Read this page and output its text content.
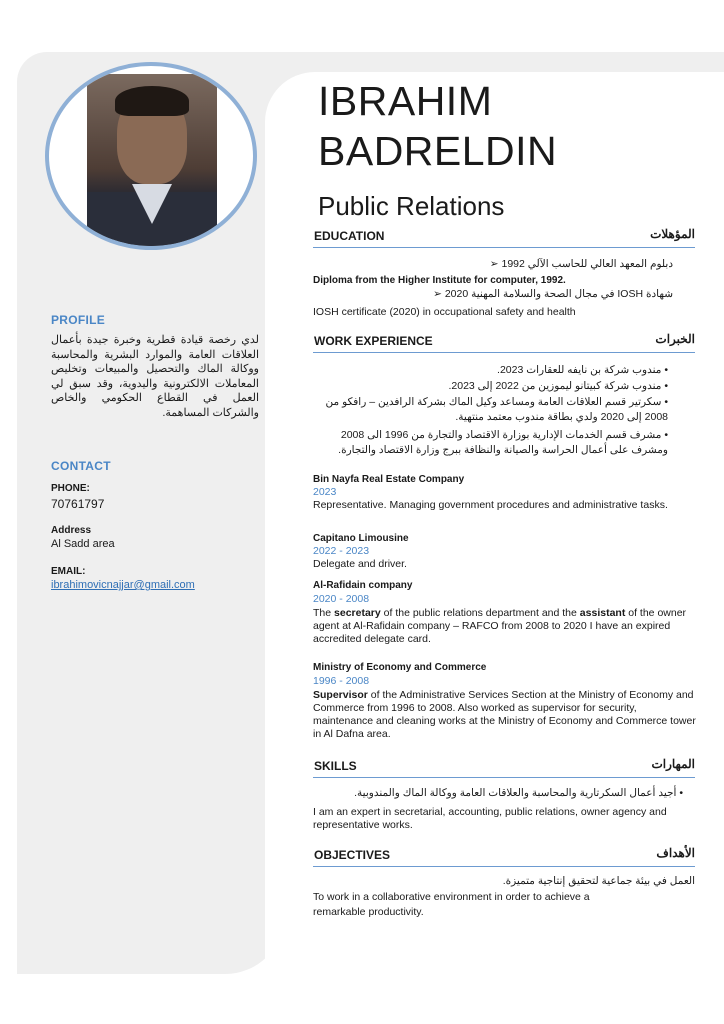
PROFILE
لدي رخصة قيادة قطرية وخبرة جيدة بأعمال العلاقات العامة والموارد البشرية والمحاسبة ووكالة الماك والتحصيل والمبيعات وتخليص المعاملات الالكترونية واليدوية، وقد سبق لي العمل في القطاع الحكومي والخاص والشركات المساهمة.
CONTACT
PHONE:
70761797
Address
Al Sadd area
EMAIL:
ibrahimovicnajjar@gmail.com
IBRAHIM
BADRELDIN
Public Relations
EDUCATION	المؤهلات
دبلوم المعهد العالي للحاسب الآلي 1992 ➢
Diploma from the Higher Institute for computer, 1992.
شهادة IOSH في مجال الصحة والسلامة المهنية 2020 ➢
IOSH certificate (2020) in occupational safety and health
WORK EXPERIENCE	الخبرات
• مندوب شركة بن نايفه للعقارات 2023.
• مندوب شركة كبيتانو ليموزين من 2022 إلى 2023.
• سكرتير قسم العلاقات العامة ومساعد وكيل الماك بشركة الرافدين – رافكو من 2008 إلى 2020 ولدي بطاقة مندوب معتمد منتهية.
• مشرف قسم الخدمات الإدارية بوزارة الاقتصاد والتجارة من 1996 الى 2008 ومشرف على أعمال الحراسة والصيانة والنظافة ببرج وزارة الاقتصاد والتجارة.
Bin Nayfa Real Estate Company
2023
Representative. Managing government procedures and administrative tasks.
Capitano Limousine
2022 - 2023
Delegate and driver.
Al-Rafidain company
2020 - 2008
The secretary of the public relations department and the assistant of the owner agent at Al-Rafidain company – RAFCO from 2008 to 2020 I have an expired accredited delegate card.
Ministry of Economy and Commerce
1996 - 2008
Supervisor of the Administrative Services Section at the Ministry of Economy and Commerce from 1996 to 2008. Also worked as supervisor for security, maintenance and cleaning works at the Ministry of Economy and Commerce tower in Al Dafna area.
SKILLS	المهارات
• أجيد أعمال السكرتارية والمحاسبة والعلاقات العامة ووكالة الماك والمندوبية.
I am an expert in secretarial, accounting, public relations, owner agency and representative works.
OBJECTIVES	الأهداف
العمل في بيئة جماعية لتحقيق إنتاجية متميزة.
To work in a collaborative environment in order to achieve a remarkable productivity.
